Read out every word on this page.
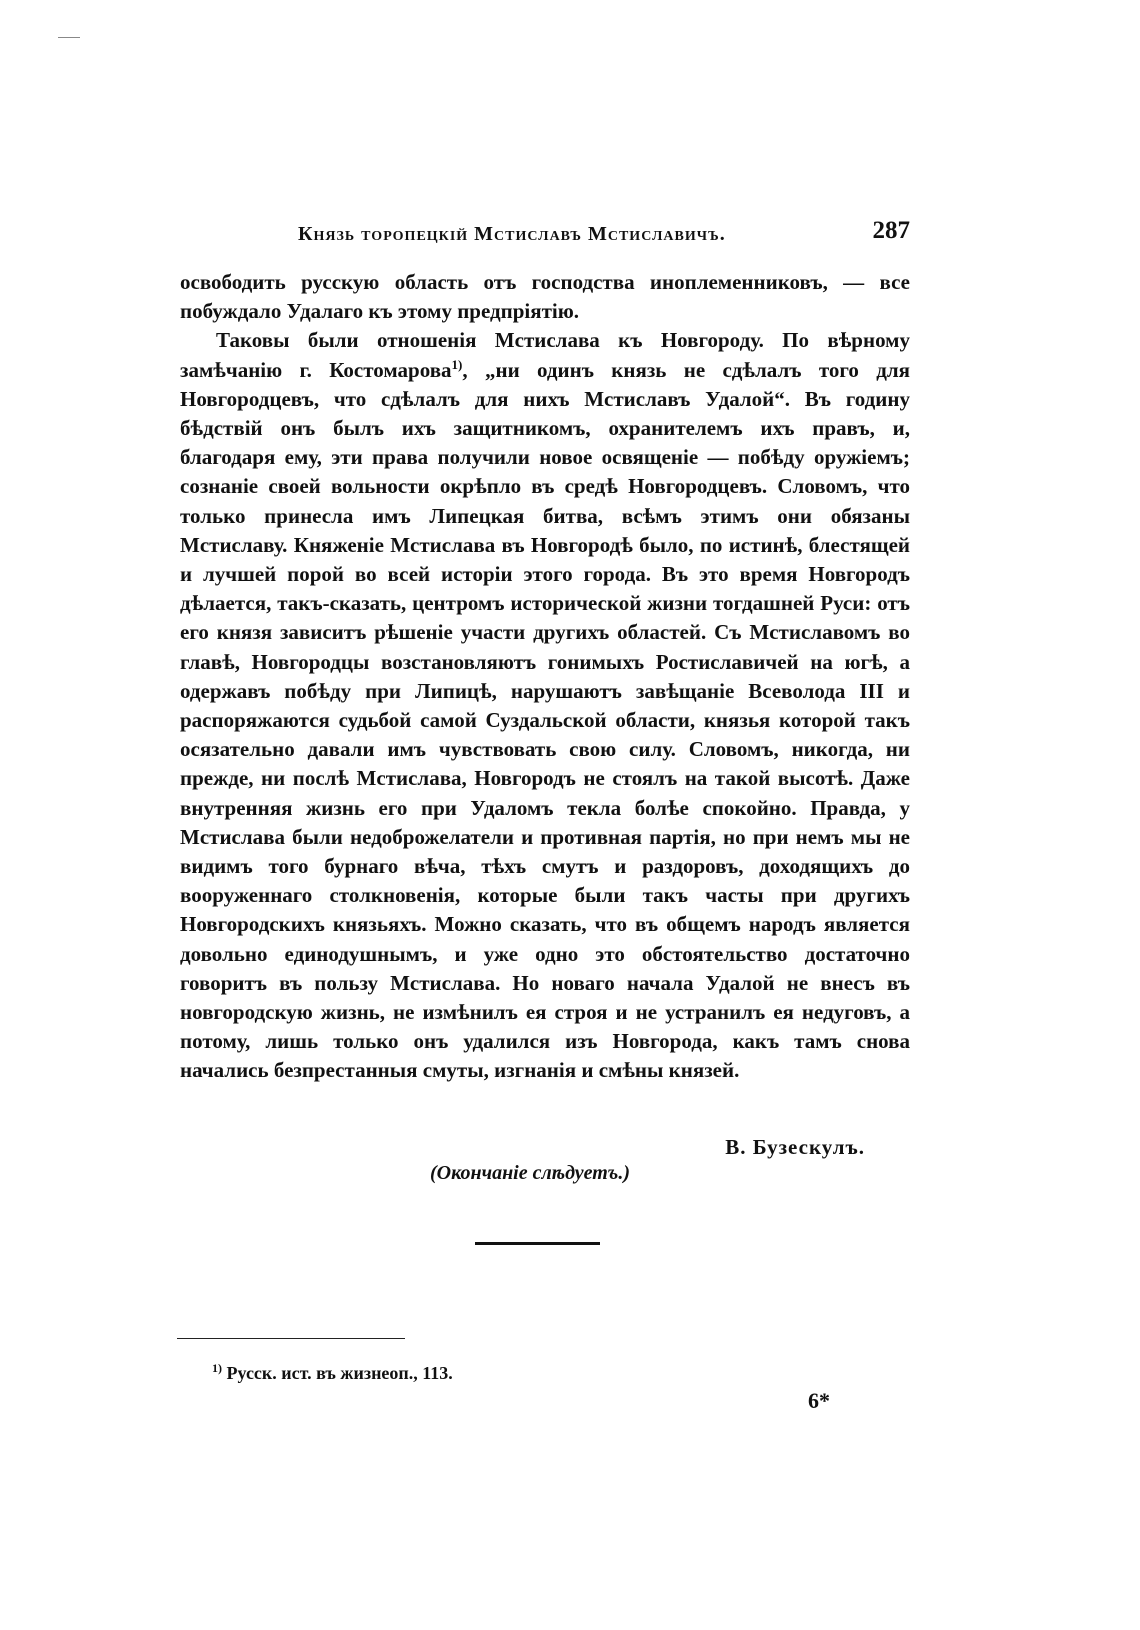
Князь торопецкій Мстиславъ Мстиславичъ.	287

освободить русскую область отъ господства иноплеменниковъ, — все побуждало Удалаго къ этому предпріятію.

Таковы были отношенія Мстислава къ Новгороду. По вѣрному замѣчанію г. Костомарова$^{1)}$, „ни одинъ князь не сдѣлалъ того для Новгородцевъ, что сдѣлалъ для нихъ Мстиславъ Удалой“. Въ годину бѣдствій онъ былъ ихъ защитникомъ, охранителемъ ихъ правъ, и, благодаря ему, эти права получили новое освященіе — побѣду оружіемъ; сознаніе своей вольности окрѣпло въ средѣ Новгородцевъ. Словомъ, что только принесла имъ Липецкая битва, всѣмъ этимъ они обязаны Мстиславу. Княженіе Мстислава въ Новгородѣ было, по истинѣ, блестящей и лучшей порой во всей исторіи этого города. Въ это время Новгородъ дѣлается, такъ-сказать, центромъ исторической жизни тогдашней Руси: отъ его князя зависитъ рѣшеніе участи другихъ областей. Съ Мстиславомъ во главѣ, Новгородцы возстановляютъ гонимыхъ Ростиславичей на югѣ, а одержавъ побѣду при Липицѣ, нарушаютъ завѣщаніе Всеволода III и распоряжаются судьбой самой Суздальской области, князья которой такъ осязательно давали имъ чувствовать свою силу. Словомъ, никогда, ни прежде, ни послѣ Мстислава, Новгородъ не стоялъ на такой высотѣ. Даже внутренняя жизнь его при Удаломъ текла болѣе спокойно. Правда, у Мстислава были недоброжелатели и противная партія, но при немъ мы не видимъ того бурнаго вѣча, тѣхъ смутъ и раздоровъ, доходящихъ до вооруженнаго столкновенія, которые были такъ часты при другихъ Новгородскихъ князьяхъ. Можно сказать, что въ общемъ народъ является довольно единодушнымъ, и уже одно это обстоятельство достаточно говоритъ въ пользу Мстислава. Но новаго начала Удалой не внесъ въ новгородскую жизнь, не измѣнилъ ея строя и не устранилъ ея недуговъ, а потому, лишь только онъ удалился изъ Новгорода, какъ тамъ снова начались безпрестанныя смуты, изгнанія и смѣны князей.

В. Бузескулъ.
(Окончаніе слѣдуетъ.)
$^{1)}$ Русск. ист. въ жизнеоп., 113.
6*
